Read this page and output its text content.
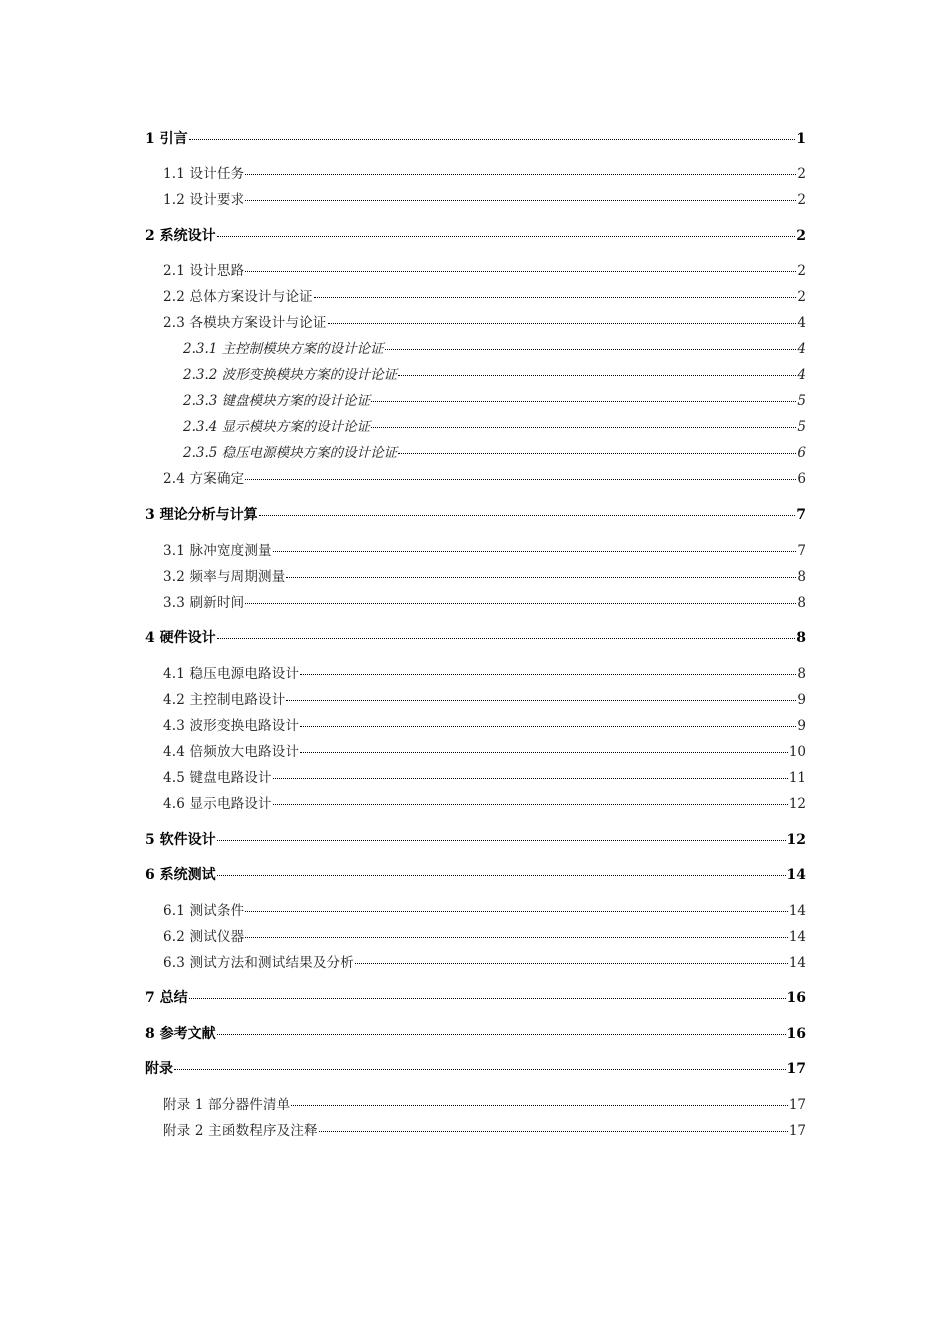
1 引言	1
1.1 设计任务	2
1.2 设计要求	2
2 系统设计	2
2.1 设计思路	2
2.2 总体方案设计与论证	2
2.3 各模块方案设计与论证	4
2.3.1 主控制模块方案的设计论证	4
2.3.2 波形变换模块方案的设计论证	4
2.3.3 键盘模块方案的设计论证	5
2.3.4 显示模块方案的设计论证	5
2.3.5 稳压电源模块方案的设计论证	6
2.4 方案确定	6
3 理论分析与计算	7
3.1 脉冲宽度测量	7
3.2 频率与周期测量	8
3.3 刷新时间	8
4 硬件设计	8
4.1 稳压电源电路设计	8
4.2 主控制电路设计	9
4.3 波形变换电路设计	9
4.4 倍频放大电路设计	10
4.5 键盘电路设计	11
4.6 显示电路设计	12
5 软件设计	12
6 系统测试	14
6.1 测试条件	14
6.2 测试仪器	14
6.3 测试方法和测试结果及分析	14
7 总结	16
8 参考文献	16
附录	17
附录 1 部分器件清单	17
附录 2 主函数程序及注释	17
